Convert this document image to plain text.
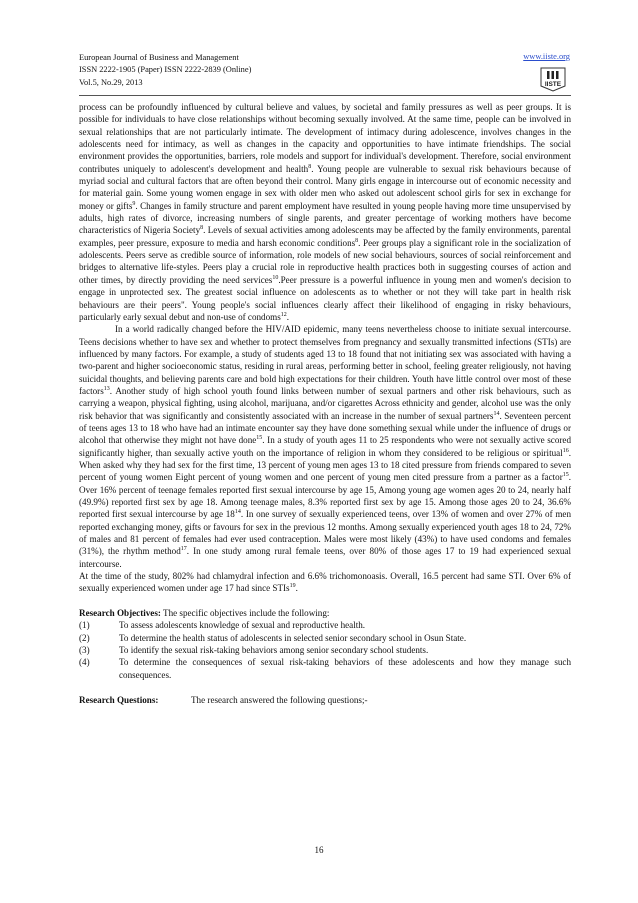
European Journal of Business and Management
ISSN 2222-1905 (Paper) ISSN 2222-2839 (Online)
Vol.5, No.29, 2013
www.iiste.org
IISTE

process can be profoundly influenced by cultural believe and values, by societal and family pressures as well as peer groups. It is possible for individuals to have close relationships without becoming sexually involved. At the same time, people can be involved in sexual relationships that are not particularly intimate. The development of intimacy during adolescence, involves changes in the adolescents need for intimacy, as well as changes in the capacity and opportunities to have intimate friendships. The social environment provides the opportunities, barriers, role models and support for individual's development. Therefore, social environment contributes uniquely to adolescent's development and health$^8$. Young people are vulnerable to sexual risk behaviours because of myriad social and cultural factors that are often beyond their control. Many girls engage in intercourse out of economic necessity and for material gain. Some young women engage in sex with older men who asked out adolescent school girls for sex in exchange for money or gifts$^9$. Changes in family structure and parent employment have resulted in young people having more time unsupervised by adults, high rates of divorce, increasing numbers of single parents, and greater percentage of working mothers have become characteristics of Nigeria Society$^8$. Levels of sexual activities among adolescents may be affected by the family environments, parental examples, peer pressure, exposure to media and harsh economic conditions$^8$. Peer groups play a significant role in the socialization of adolescents. Peers serve as credible source of information, role models of new social behaviours, sources of social reinforcement and bridges to alternative life-styles. Peers play a crucial role in reproductive health practices both in suggesting courses of action and other times, by directly providing the need services$^{10}$.Peer pressure is a powerful influence in young men and women's decision to engage in unprotected sex. The greatest social influence on adolescents as to whether or not they will take part in health risk behaviours are their peers". Young people's social influences clearly affect their likelihood of engaging in risky behaviours, particularly early sexual debut and non-use of condoms$^{12}$.

In a world radically changed before the HIV/AID epidemic, many teens nevertheless choose to initiate sexual intercourse. Teens decisions whether to have sex and whether to protect themselves from pregnancy and sexually transmitted infections (STIs) are influenced by many factors. For example, a study of students aged 13 to 18 found that not initiating sex was associated with having a two-parent and higher socioeconomic status, residing in rural areas, performing better in school, feeling greater religiously, not having suicidal thoughts, and believing parents care and bold high expectations for their children. Youth have little control over most of these factors$^{13}$. Another study of high school youth found links between number of sexual partners and other risk behaviours, such as carrying a weapon, physical fighting, using alcohol, marijuana, and/or cigarettes Across ethnicity and gender, alcohol use was the only risk behavior that was significantly and consistently associated with an increase in the number of sexual partners$^{14}$. Seventeen percent of teens ages 13 to 18 who have had an intimate encounter say they have done something sexual while under the influence of drugs or alcohol that otherwise they might not have done$^{15}$. In a study of youth ages 11 to 25 respondents who were not sexually active scored significantly higher, than sexually active youth on the importance of religion in whom they considered to be religious or spiritual$^{16}$. When asked why they had sex for the first time, 13 percent of young men ages 13 to 18 cited pressure from friends compared to seven percent of young women Eight percent of young women and one percent of young men cited pressure from a partner as a factor$^{15}$. Over 16% percent of teenage females reported first sexual intercourse by age 15, Among young age women ages 20 to 24, nearly half (49.9%) reported first sex by age 18. Among teenage males, 8.3% reported first sex by age 15. Among those ages 20 to 24, 36.6% reported first sexual intercourse by age $18^{14}$. In one survey of sexually experienced teens, over 13% of women and over 27% of men reported exchanging money, gifts or favours for sex in the previous 12 months. Among sexually experienced youth ages 18 to 24, 72% of males and 81 percent of females had ever used contraception. Males were most likely (43%) to have used condoms and females (31%), the rhythm method$^{17}$. In one study among rural female teens, over 80% of those ages 17 to 19 had experienced sexual intercourse.

At the time of the study, 802% had chlamydral infection and 6.6% trichomonoasis. Overall, 16.5 percent had same STI. Over 6% of sexually experienced women under age 17 had since STIs$^{19}$.

Research Objectives: The specific objectives include the following:

(1)	To assess adolescents knowledge of sexual and reproductive health.
(2)	To determine the health status of adolescents in selected senior secondary school in Osun State.
(3)	To identify the sexual risk-taking behaviors among senior secondary school students.
(4)	To determine the consequences of sexual risk-taking behaviors of these adolescents and how they manage such consequences.
Research Questions:	The research answered the following questions;-
16
